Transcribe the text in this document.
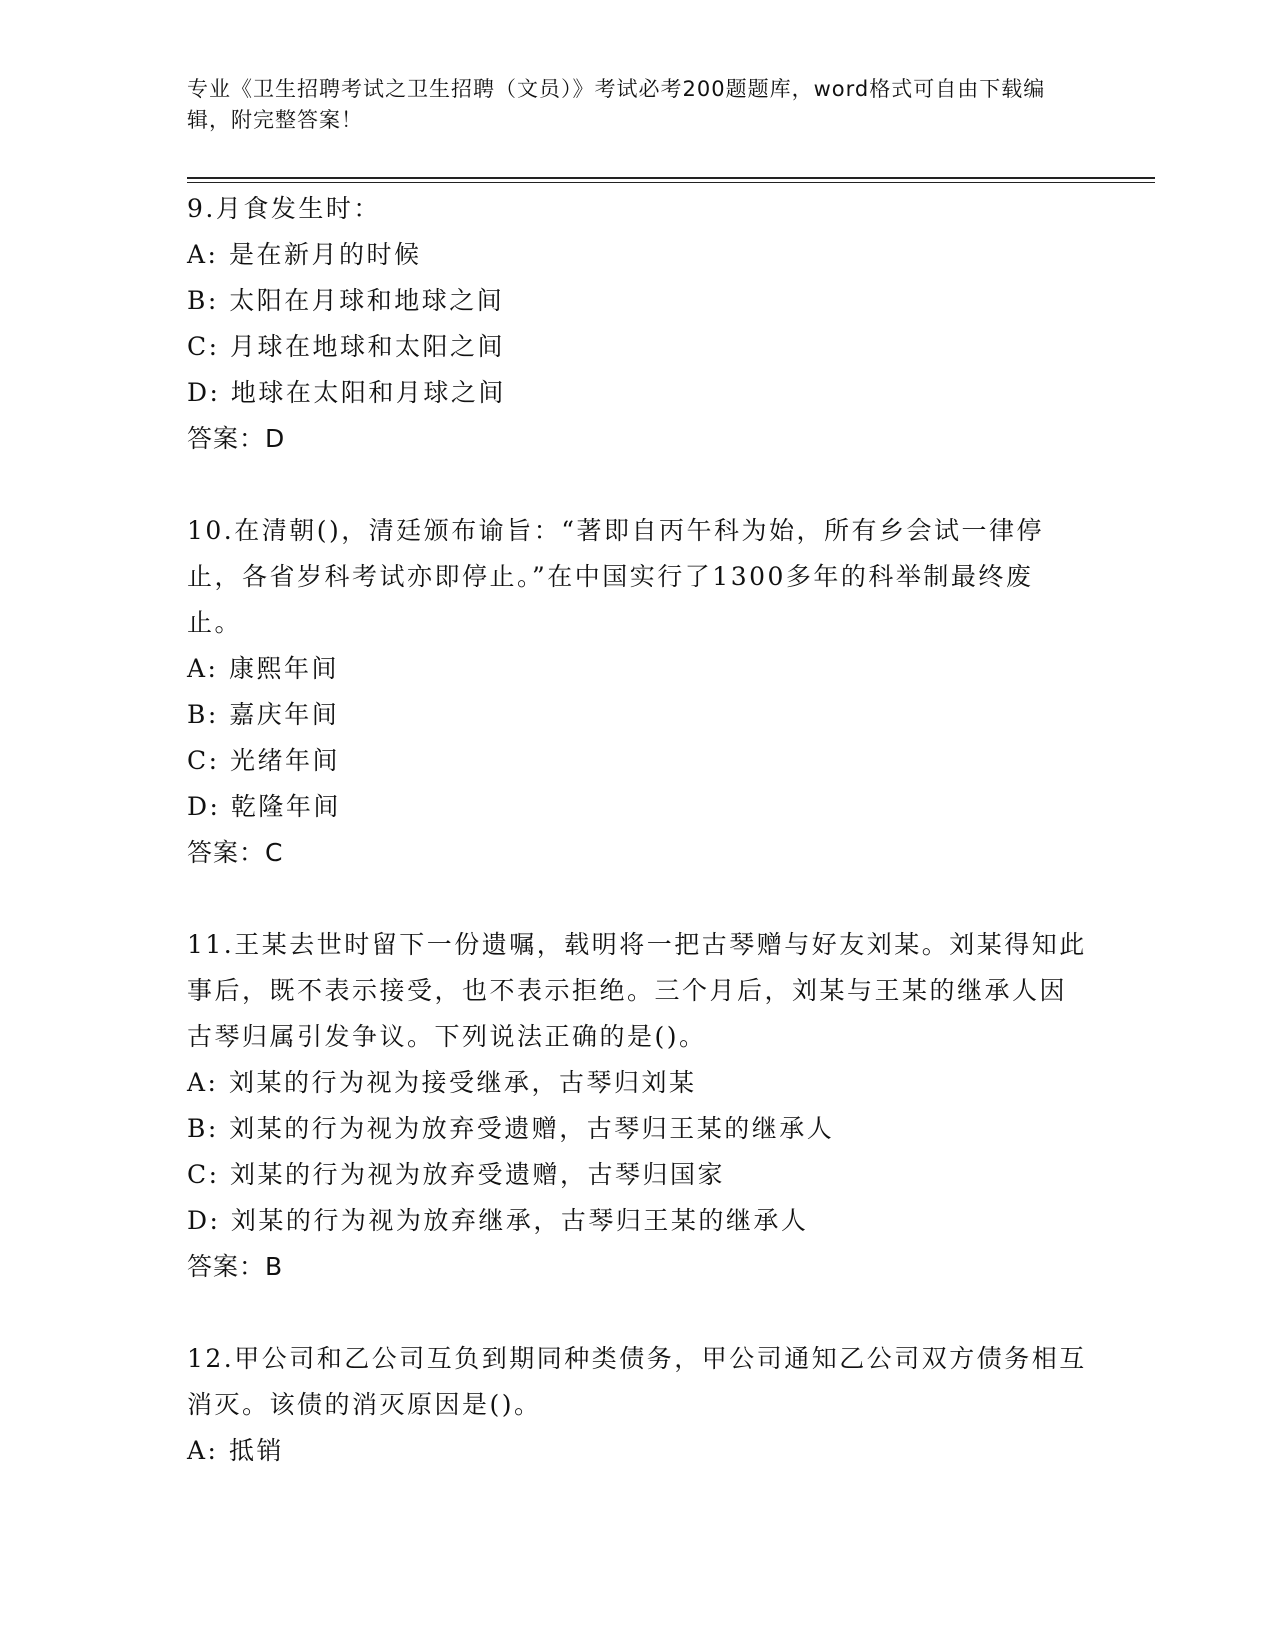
专业《卫生招聘考试之卫生招聘（文员）》考试必考200题题库，word格式可自由下载编辑，附完整答案！

9.月食发生时：

A: 是在新月的时候
B: 太阳在月球和地球之间
C: 月球在地球和太阳之间
D: 地球在太阳和月球之间

答案：D

10.在清朝()，清廷颁布谕旨：“著即自丙午科为始，所有乡会试一律停止，各省岁科考试亦即停止。”在中国实行了1300多年的科举制最终废止。

A: 康熙年间
B: 嘉庆年间
C: 光绪年间
D: 乾隆年间

答案：C

11.王某去世时留下一份遗嘱，载明将一把古琴赠与好友刘某。刘某得知此事后，既不表示接受，也不表示拒绝。三个月后，刘某与王某的继承人因古琴归属引发争议。下列说法正确的是()。

A: 刘某的行为视为接受继承，古琴归刘某
B: 刘某的行为视为放弃受遗赠，古琴归王某的继承人
C: 刘某的行为视为放弃受遗赠，古琴归国家
D: 刘某的行为视为放弃继承，古琴归王某的继承人

答案：B

12.甲公司和乙公司互负到期同种类债务，甲公司通知乙公司双方债务相互消灭。该债的消灭原因是()。

A: 抵销
